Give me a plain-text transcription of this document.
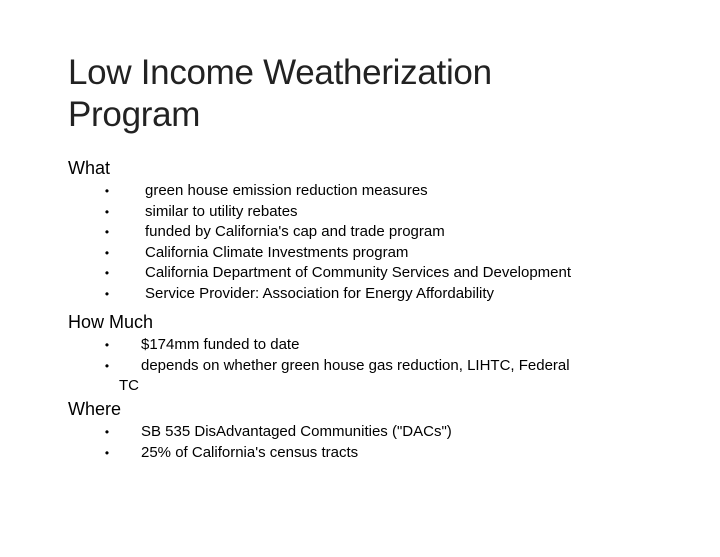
Low Income Weatherization
Program
What
• green house emission reduction measures
• similar to utility rebates
• funded by California's cap and trade program
• California Climate Investments program
• California Department of Community Services and Development
• Service Provider: Association for Energy Affordability
How Much
• $174mm funded to date
• depends on whether green house gas reduction, LIHTC, Federal
TC
Where
• SB 535 DisAdvantaged Communities ("DACs")
• 25% of California's census tracts
